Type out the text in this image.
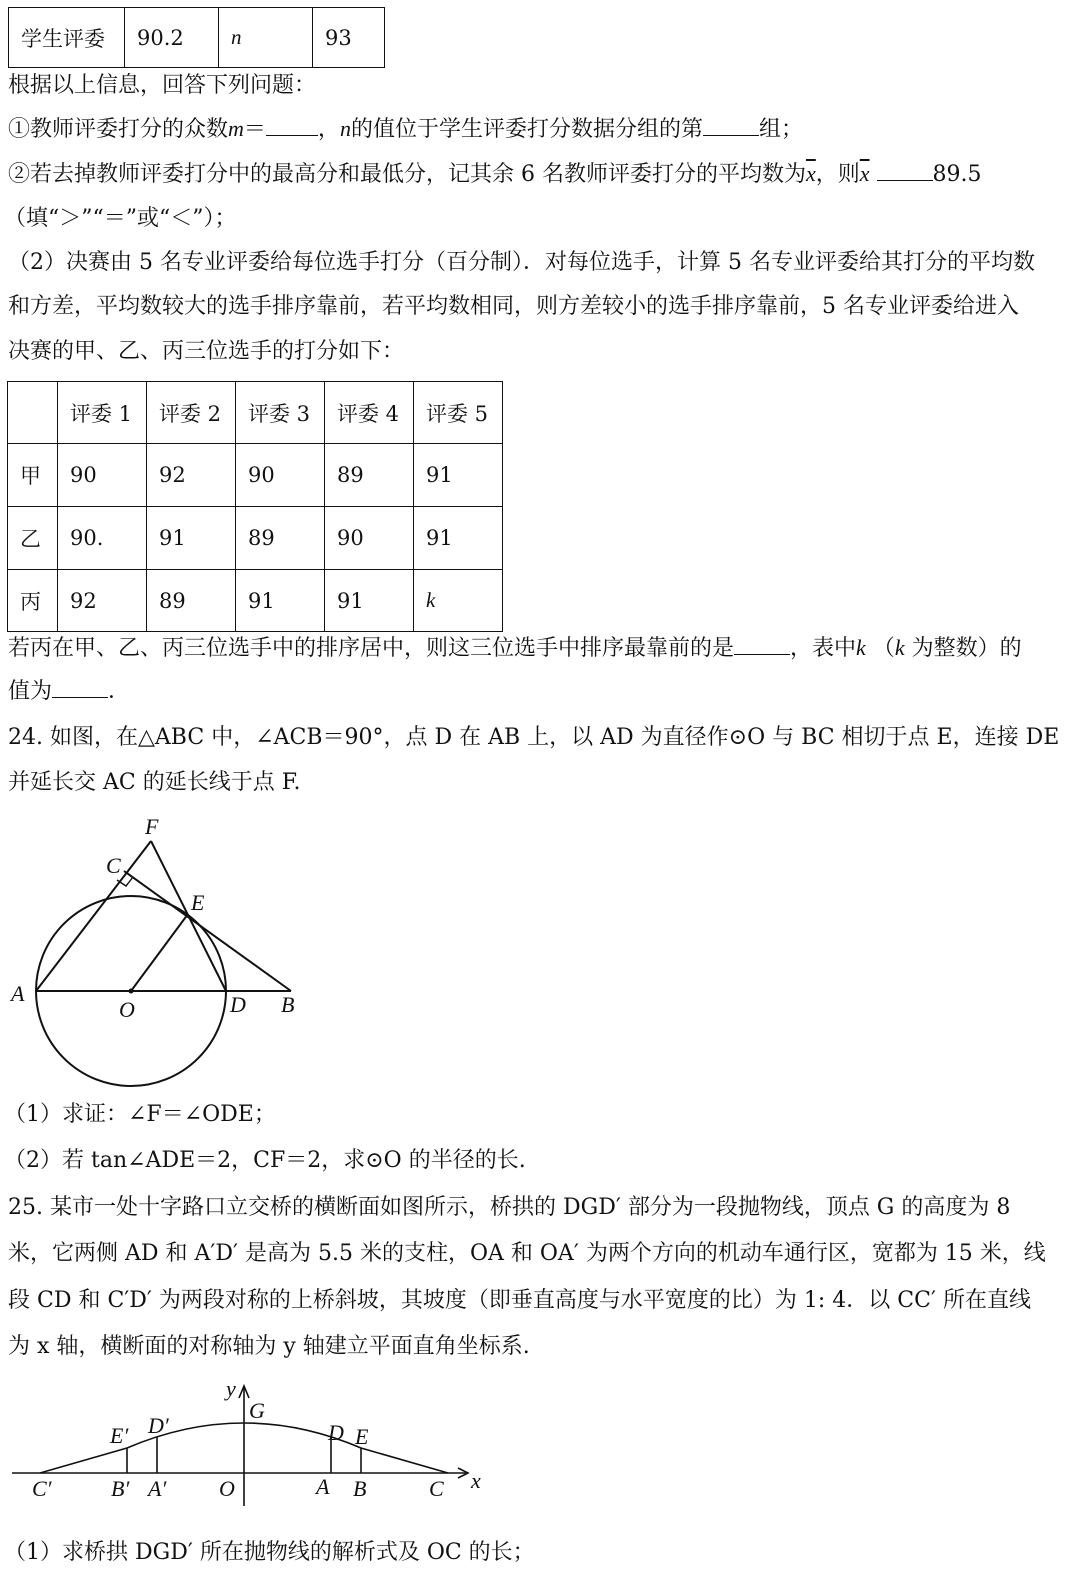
学生评委	90.2	n	93
根据以上信息，回答下列问题：
①教师评委打分的众数m＝ ，n的值位于学生评委打分数据分组的第	组；
②若去掉教师评委打分中的最高分和最低分，记其余 6 名教师评委打分的平均数为$\overline{x}$，则$\overline{x}$	89.5
（填“＞”“＝”或“＜”）；
（2）决赛由 5 名专业评委给每位选手打分（百分制）．对每位选手，计算 5 名专业评委给其打分的平均数
和方差，平均数较大的选手排序靠前，若平均数相同，则方差较小的选手排序靠前，5 名专业评委给进入
决赛的甲、乙、丙三位选手的打分如下：
	评委 1	评委 2	评委 3	评委 4	评委 5
甲	90	92	90	89	91
乙	90.	91	89	90	91
丙	92	89	91	91	k
若丙在甲、乙、丙三位选手中的排序居中，则这三位选手中排序最靠前的是	，表中k （k 为整数）的
值为	．
24. 如图，在△ABC 中，∠ACB＝90°，点 D 在 AB 上，以 AD 为直径作⊙O 与 BC 相切于点 E，连接 DE
并延长交 AC 的延长线于点 F.
F
C
E
A
O	D B
（1）求证：∠F＝∠ODE；
（2）若 tan∠ADE＝2，CF＝2，求⊙O 的半径的长.
25. 某市一处十字路口立交桥的横断面如图所示，桥拱的 DGD′ 部分为一段抛物线，顶点 G 的高度为 8
米，它两侧 AD 和 A′D′ 是高为 5.5 米的支柱，OA 和 OA′ 为两个方向的机动车通行区，宽都为 15 米，线
段 CD 和 C′D′ 为两段对称的上桥斜坡，其坡度（即垂直高度与水平宽度的比）为 1: 4．以 CC′ 所在直线
为 x 轴，横断面的对称轴为 y 轴建立平面直角坐标系.
y
G
E′ D′	D E
C′	B′ A′ O	A B	C x
（1）求桥拱 DGD′ 所在抛物线的解析式及 OC 的长；
